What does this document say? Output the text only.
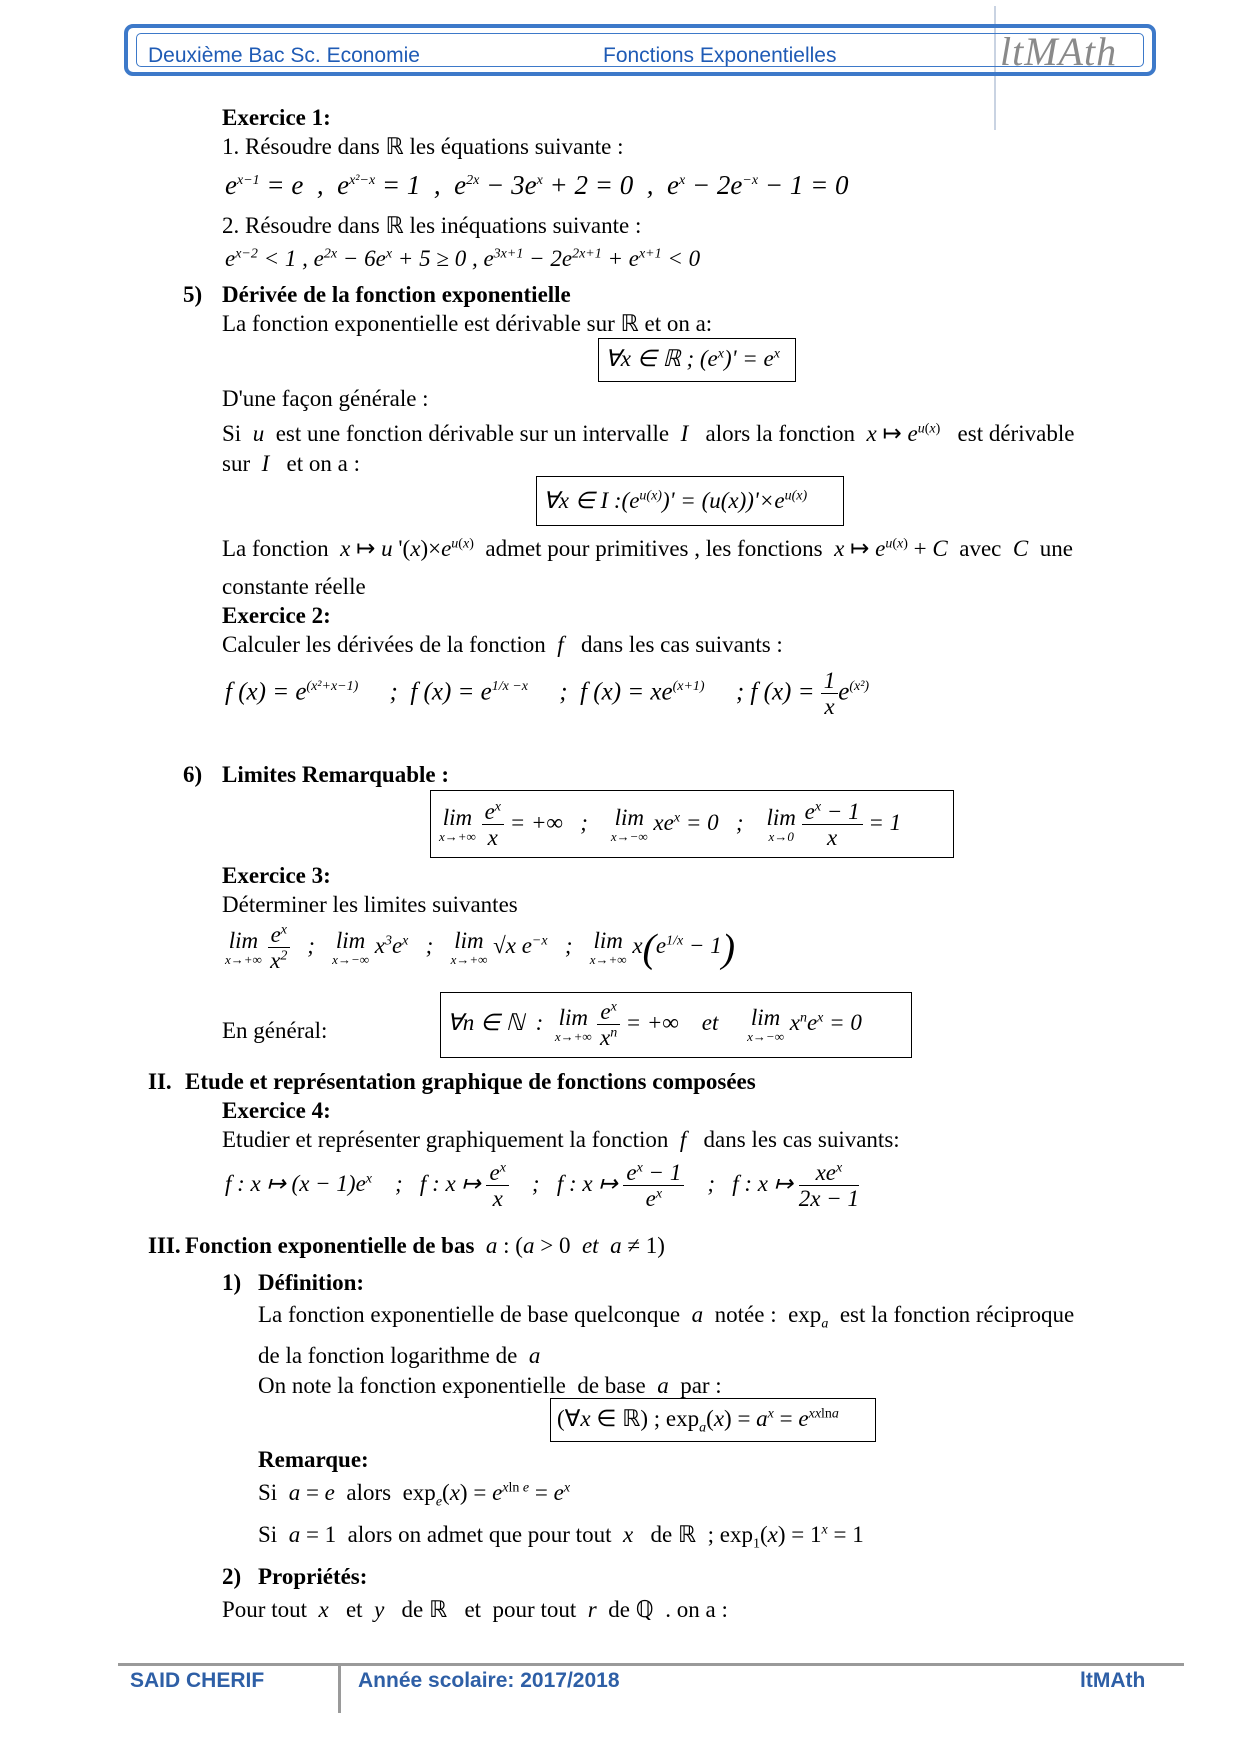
Deuxième Bac Sc. Economie	Fonctions Exponentielles	ltMAth
Exercice 1:
1. Résoudre dans ℝ les équations suivante :
$e^{x-1} = e$  ,  $e^{x^2-x} = 1$  ,  $e^{2x} - 3e^x + 2 = 0$  ,  $e^x - 2e^{-x} - 1 = 0$
2. Résoudre dans ℝ les inéquations suivante :
$e^{x-2} < 1$ , $e^{2x} - 6e^x + 5 \ge 0$ , $e^{3x+1} - 2e^{2x+1} + e^{x+1} < 0$
5) Dérivée de la fonction exponentielle
La fonction exponentielle est dérivable sur ℝ et on a:
∀x ∈ ℝ ; $(e^x)' = e^x$
D'une façon générale :
Si  u  est une fonction dérivable sur un intervalle  I   alors la fonction  x ↦ $e^{u(x)}$   est dérivable
sur  I   et on a :
∀x ∈ I $:(e^{u(x)})' = (u(x))'\times e^{u(x)}$
La fonction  x ↦ u '$(x)\times e^{u(x)}$  admet pour primitives , les fonctions  x ↦ $e^{u(x)} + C$  avec  C  une
constante réelle
Exercice 2:
Calculer les dérivées de la fonction  f   dans les cas suivants :
f $(x) = e^{(x^2+x-1)}$     ;  f $(x) = e^{1/x -x}$     ;  f $(x) = xe^{(x+1)}$     ; f $(x) = \frac{1}{x} e^{(x^2)}$
6) Limites Remarquable :
lim
x→+∞
$\frac{e^x}{x}$ = +∞   ;    lim
x→−∞
$xe^x = 0$   ;    lim
x→0
$\frac{e^x - 1}{x} = 1$
Exercice 3:
Déterminer les limites suivantes
lim
x→+∞
$\frac{e^x}{x^2}$ ;   lim
x→−∞
$x^3e^x$   ;   lim
x→+∞
√x $e^{-x}$   ;   lim
x→+∞
$x(e^{1/x} - 1)$
En général:	∀n ∈ ℕ  :  lim
x→+∞
$\frac{e^x}{x^n}$ = +∞    et     lim
x→−∞
$x^ne^x = 0$
II. Etude et représentation graphique de fonctions composées
Exercice 4:
Etudier et représenter graphiquement la fonction  f   dans les cas suivants:
f : x ↦ $(x - 1)e^x$    ;   f : x ↦ $\frac{e^x}{x}$ ;   f : x ↦ $\frac{e^x - 1}{e^x}$ ;   f : x ↦ $\frac{xe^x}{2x - 1}$
III. Fonction exponentielle de bas  a : (a > 0  et a ≠ 1)
1) Définition:
La fonction exponentielle de base quelconque  a  notée :  $\exp_a$  est la fonction réciproque
de la fonction logarithme de  a
On note la fonction exponentielle  de base  a  par :
(∀x ∈ ℝ) ; $\exp_a(x) = a^x = e^{xxlna}$
Remarque:
Si  a = e  alors  $\exp_e(x) = e^{xln e} = e^x$
Si  a = 1  alors on admet que pour tout  x   de ℝ  ; $\exp_1(x) = 1^x = 1$
2) Propriétés:
Pour tout  x   et  y   de ℝ   et  pour tout  r  de ℚ  . on a :
SAID CHERIF	Année scolaire: 2017/2018	ltMAth
